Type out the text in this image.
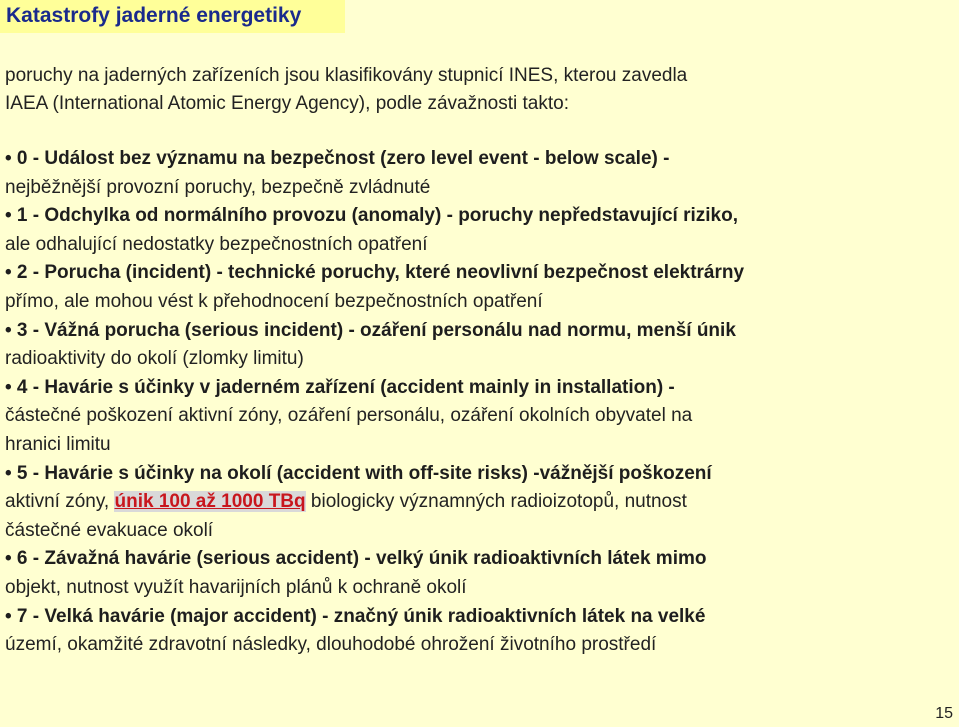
Katastrofy jaderné energetiky
poruchy na jaderných zařízeních jsou klasifikovány stupnicí INES, kterou zavedla
IAEA (International Atomic Energy Agency), podle závažnosti takto:
• 0 - Událost bez významu na bezpečnost (zero level event - below scale) -
nejběžnější provozní poruchy, bezpečně zvládnuté
• 1 - Odchylka od normálního provozu (anomaly) - poruchy nepředstavující riziko,
ale odhalující nedostatky bezpečnostních opatření
• 2 - Porucha (incident) - technické poruchy, které neovlivní bezpečnost elektrárny
přímo, ale mohou vést k přehodnocení bezpečnostních opatření
• 3 - Vážná porucha (serious incident) - ozáření personálu nad normu, menší únik
radioaktivity do okolí (zlomky limitu)
• 4 - Havárie s účinky v jaderném zařízení (accident mainly in installation) -
částečné poškození aktivní zóny, ozáření personálu, ozáření okolních obyvatel na
hranici limitu
• 5 - Havárie s účinky na okolí (accident with off-site risks) -vážnější poškození
aktivní zóny, únik 100 až 1000 TBq biologicky významných radioizotopů, nutnost
částečné evakuace okolí
• 6 - Závažná havárie (serious accident) - velký únik radioaktivních látek mimo
objekt, nutnost využít havarijních plánů k ochraně okolí
• 7 - Velká havárie (major accident) - značný únik radioaktivních látek na velké
území, okamžité zdravotní následky, dlouhodobé ohrožení životního prostředí
15
